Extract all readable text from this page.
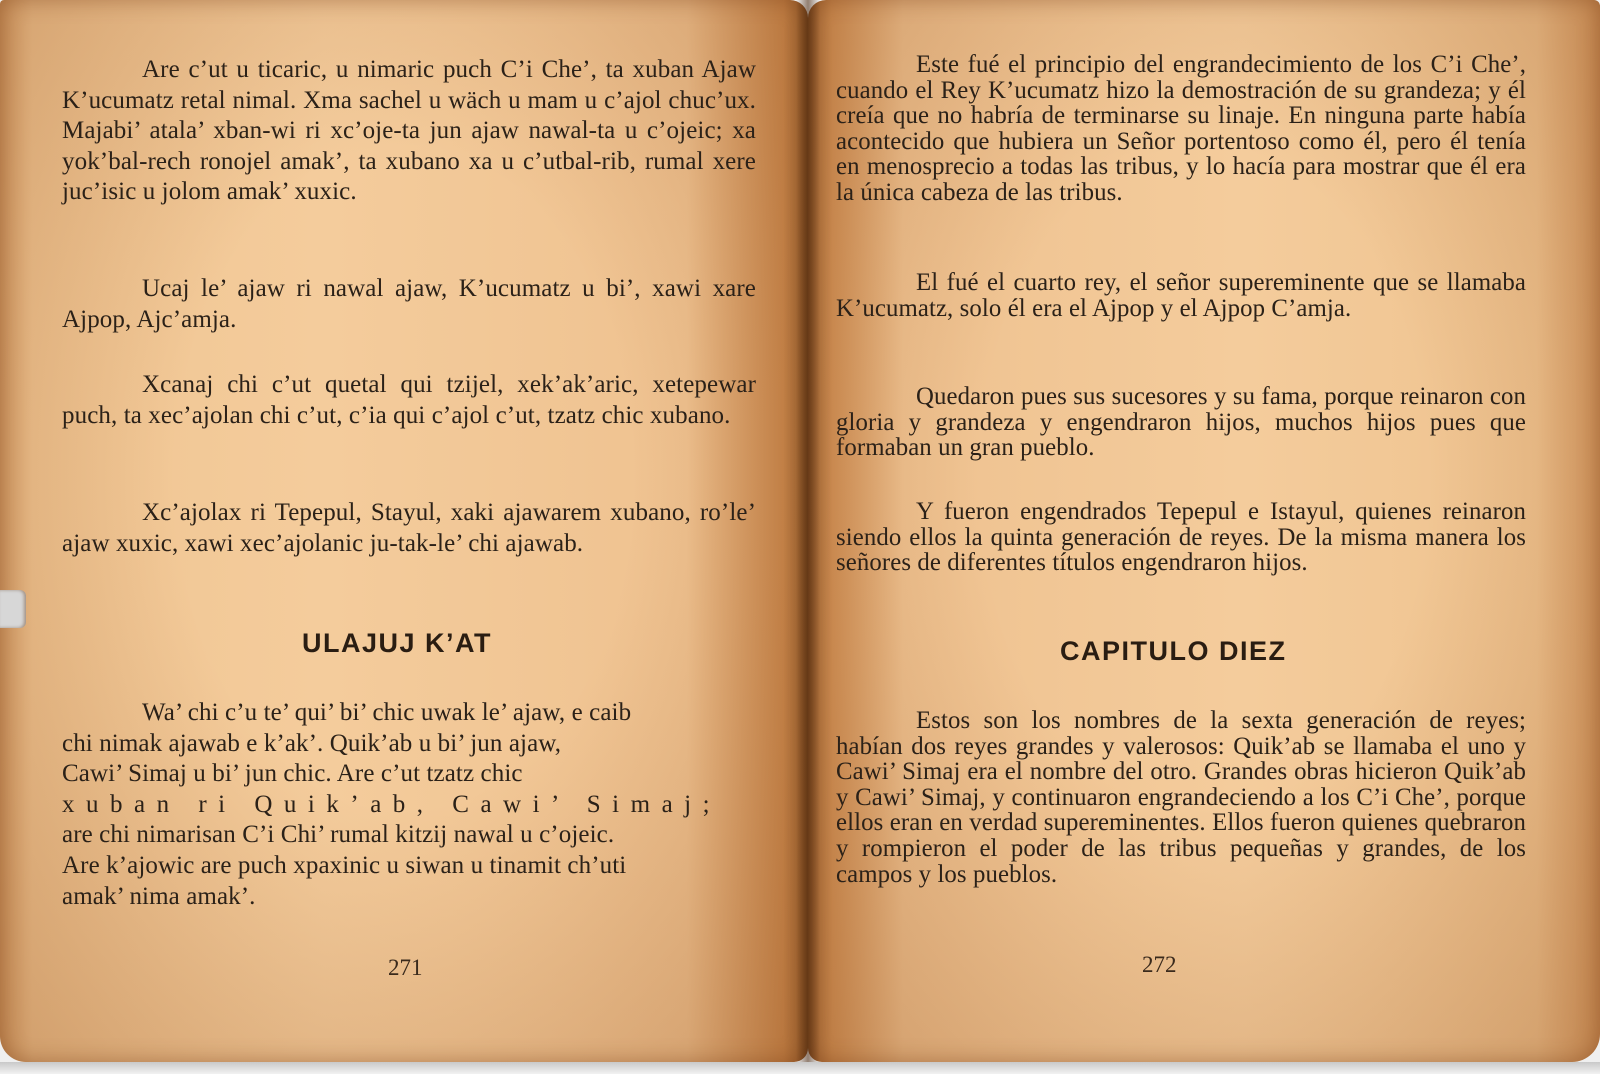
Are c’ut u ticaric, u nimaric puch C’i Che’, ta xuban Ajaw K’ucumatz retal nimal. Xma sachel u wäch u mam u c’ajol chuc’ux. Majabi’ atala’ xban-wi ri xc’oje-ta jun ajaw nawal-ta u c’ojeic; xa yok’bal-rech ronojel amak’, ta xubano xa u c’utbal-rib, rumal xere juc’isic u jolom amak’ xuxic.

Ucaj le’ ajaw ri nawal ajaw, K’ucumatz u bi’, xawi xare Ajpop, Ajc’amja.

Xcanaj chi c’ut quetal qui tzijel, xek’ak’aric, xetepewar puch, ta xec’ajolan chi c’ut, c’ia qui c’ajol c’ut, tzatz chic xubano.

Xc’ajolax ri Tepepul, Stayul, xaki ajawarem xubano, ro’le’ ajaw xuxic, xawi xec’ajolanic ju-tak-le’ chi ajawab.

ULAJUJ K’AT
Wa’ chi c’u te’ qui’ bi’ chic uwak le’ ajaw, e caib
chi nimak ajawab e k’ak’. Quik’ab u bi’ jun ajaw,
Cawi’ Simaj u bi’ jun chic. Are c’ut tzatz chic
xuban ri Quik’ab, Cawi’ Simaj;
are chi nimarisan C’i Chi’ rumal kitzij nawal u c’ojeic.
Are k’ajowic are puch xpaxinic u siwan u tinamit ch’uti
amak’ nima amak’.
271

Este fué el principio del engrandecimiento de los C’i Che’, cuando el Rey K’ucumatz hizo la demostración de su grandeza; y él creía que no habría de terminarse su linaje. En ninguna parte había acontecido que hubiera un Señor portentoso como él, pero él tenía en menosprecio a todas las tribus, y lo hacía para mostrar que él era la única cabeza de las tribus.

El fué el cuarto rey, el señor supereminente que se llamaba K’ucumatz, solo él era el Ajpop y el Ajpop C’amja.

Quedaron pues sus sucesores y su fama, porque reinaron con gloria y grandeza y engendraron hijos, muchos hijos pues que formaban un gran pueblo.

Y fueron engendrados Tepepul e Istayul, quienes reinaron siendo ellos la quinta generación de reyes. De la misma manera los señores de diferentes títulos engendraron hijos.

CAPITULO DIEZ

Estos son los nombres de la sexta generación de reyes; habían dos reyes grandes y valerosos: Quik’ab se llamaba el uno y Cawi’ Simaj era el nombre del otro. Grandes obras hicieron Quik’ab y Cawi’ Simaj, y continuaron engrandeciendo a los C’i Che’, porque ellos eran en verdad supereminentes. Ellos fueron quienes quebraron y rompieron el poder de las tribus pequeñas y grandes, de los campos y los pueblos.

272
